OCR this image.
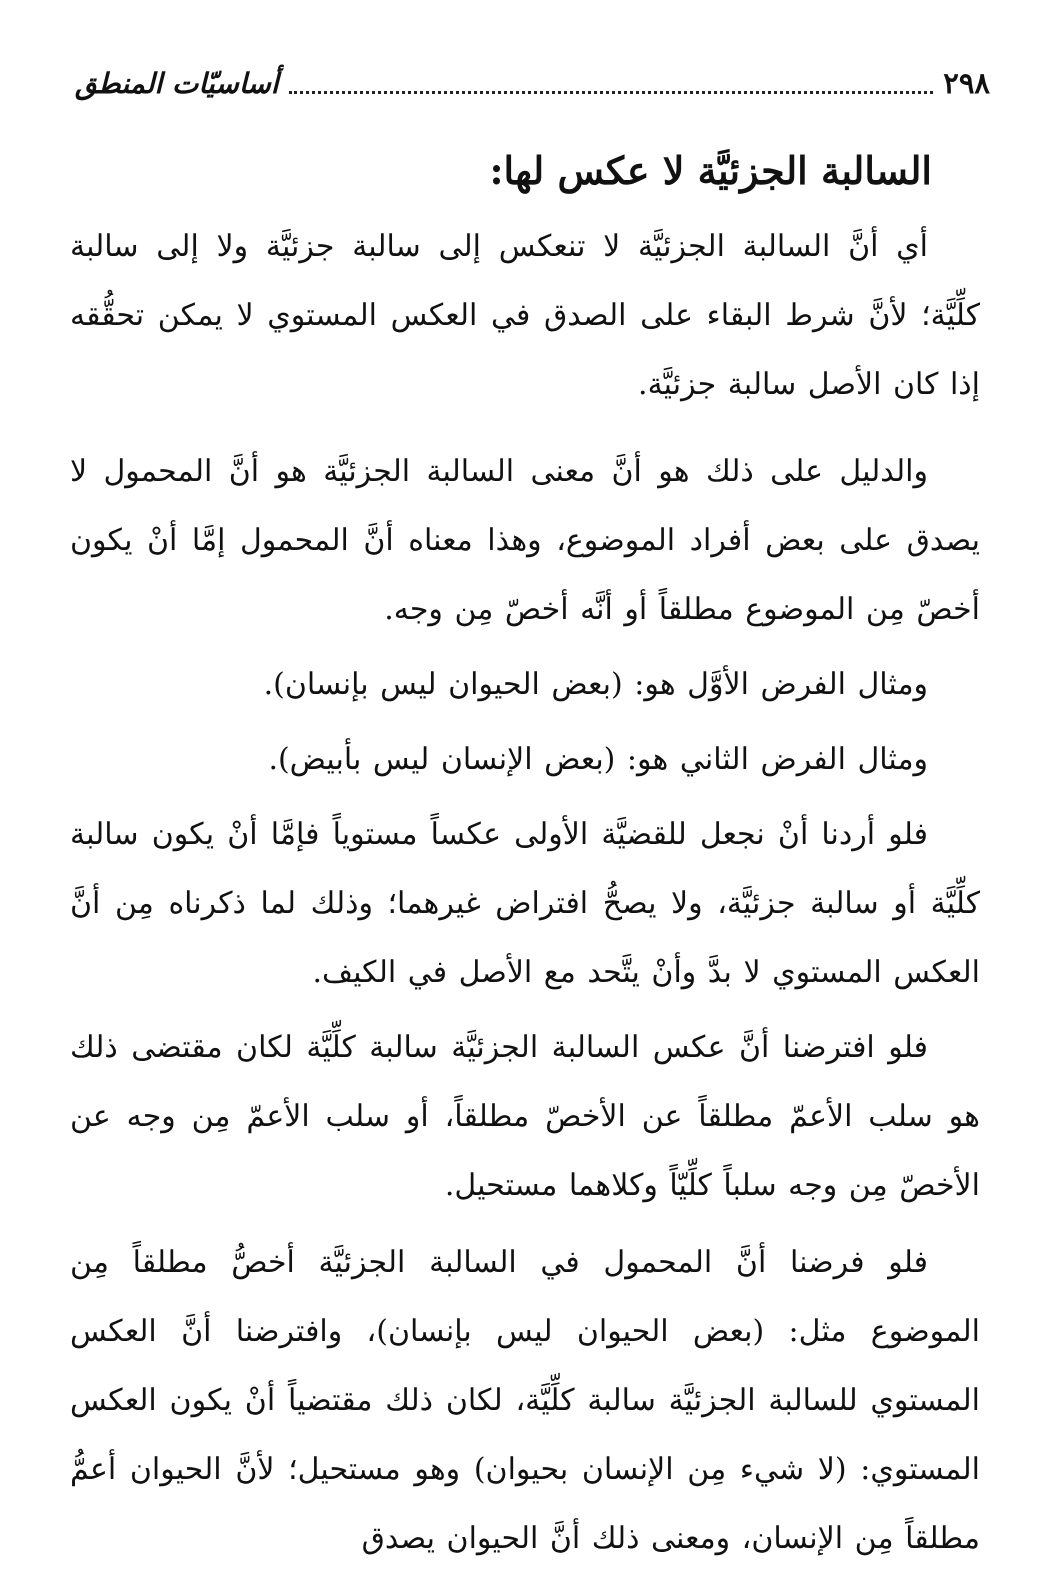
٢٩٨
أساسيّات المنطق
السالبة الجزئيَّة لا عكس لها:

أي أنَّ السالبة الجزئيَّة لا تنعكس إلى سالبة جزئيَّة ولا إلى سالبة كلِّيَّة؛ لأنَّ شرط البقاء على الصدق في العكس المستوي لا يمكن تحقُّقه إذا كان الأصل سالبة جزئيَّة.

والدليل على ذلك هو أنَّ معنى السالبة الجزئيَّة هو أنَّ المحمول لا يصدق على بعض أفراد الموضوع، وهذا معناه أنَّ المحمول إمَّا أنْ يكون أخصّ مِن الموضوع مطلقاً أو أنَّه أخصّ مِن وجه.

ومثال الفرض الأوَّل هو: (بعض الحيوان ليس بإنسان).

ومثال الفرض الثاني هو: (بعض الإنسان ليس بأبيض).

فلو أردنا أنْ نجعل للقضيَّة الأولى عكساً مستوياً فإمَّا أنْ يكون سالبة كلِّيَّة أو سالبة جزئيَّة، ولا يصحُّ افتراض غيرهما؛ وذلك لما ذكرناه مِن أنَّ العكس المستوي لا بدَّ وأنْ يتَّحد مع الأصل في الكيف.

فلو افترضنا أنَّ عكس السالبة الجزئيَّة سالبة كلِّيَّة لكان مقتضى ذلك هو سلب الأعمّ مطلقاً عن الأخصّ مطلقاً، أو سلب الأعمّ مِن وجه عن الأخصّ مِن وجه سلباً كلِّيّاً وكلاهما مستحيل.

فلو فرضنا أنَّ المحمول في السالبة الجزئيَّة أخصُّ مطلقاً مِن الموضوع مثل: (بعض الحيوان ليس بإنسان)، وافترضنا أنَّ العكس المستوي للسالبة الجزئيَّة سالبة كلِّيَّة، لكان ذلك مقتضياً أنْ يكون العكس المستوي: (لا شيء مِن الإنسان بحيوان) وهو مستحيل؛ لأنَّ الحيوان أعمُّ مطلقاً مِن الإنسان، ومعنى ذلك أنَّ الحيوان يصدق
